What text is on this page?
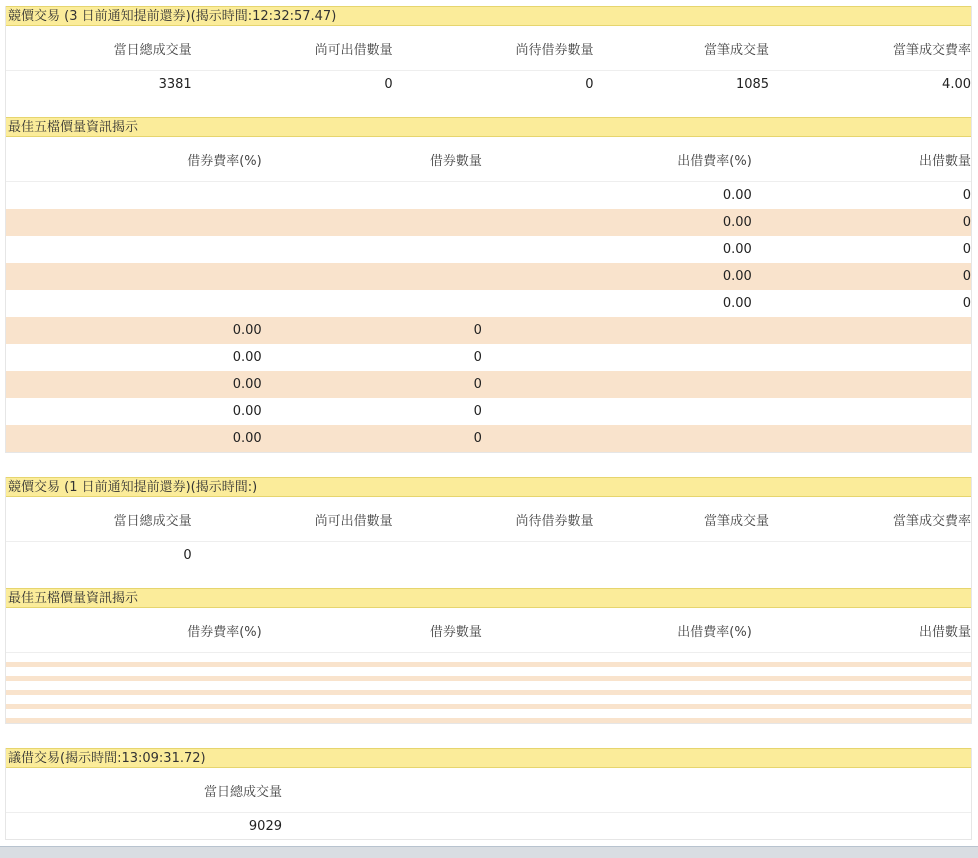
競價交易 (3 日前通知提前還券)(揭示時間:12:32:57.47)
當日總成交量	尚可出借數量	尚待借券數量	當筆成交量	當筆成交費率
3381	0	0	1085	4.00

最佳五檔價量資訊揭示
借券費率(%)	借券數量	出借費率(%)	出借數量
		0.00	0
		0.00	0
		0.00	0
		0.00	0
		0.00	0
0.00	0		
0.00	0		
0.00	0		
0.00	0		
0.00	0		
競價交易 (1 日前通知提前還券)(揭示時間:)
當日總成交量	尚可出借數量	尚待借券數量	當筆成交量	當筆成交費率
0				

最佳五檔價量資訊揭示
借券費率(%)	借券數量	出借費率(%)	出借數量

議借交易(揭示時間:13:09:31.72)
當日總成交量	
9029	
